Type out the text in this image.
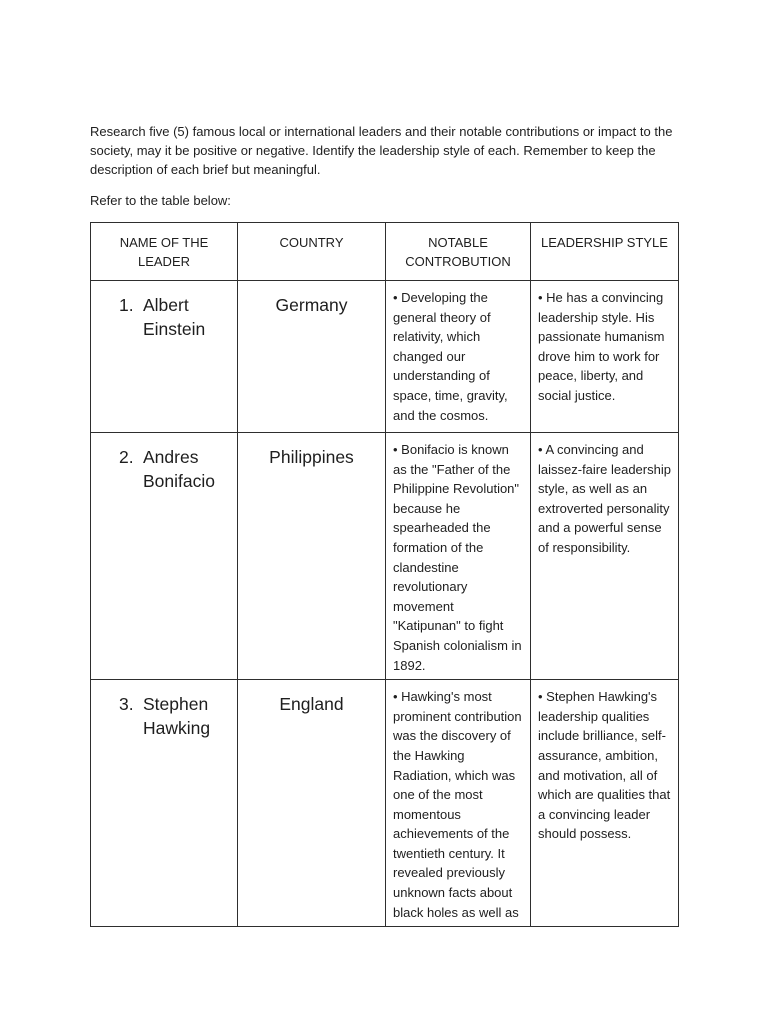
Research five (5) famous local or international leaders and their notable contributions or impact to the society, may it be positive or negative. Identify the leadership style of each. Remember to keep the description of each brief but meaningful.

Refer to the table below:

NAME OF THE LEADER	COUNTRY	NOTABLE CONTROBUTION	LEADERSHIP STYLE

1. Albert Einstein	Germany	• Developing the general theory of relativity, which changed our understanding of space, time, gravity, and the cosmos.	• He has a convincing leadership style. His passionate humanism drove him to work for peace, liberty, and social justice.

2. Andres Bonifacio	Philippines	• Bonifacio is known as the "Father of the Philippine Revolution" because he spearheaded the formation of the clandestine revolutionary movement "Katipunan" to fight Spanish colonialism in 1892.	• A convincing and laissez-faire leadership style, as well as an extroverted personality and a powerful sense of responsibility.

3. Stephen Hawking	England	• Hawking's most prominent contribution was the discovery of the Hawking Radiation, which was one of the most momentous achievements of the twentieth century. It revealed previously unknown facts about black holes as well as	• Stephen Hawking's leadership qualities include brilliance, self-assurance, ambition, and motivation, all of which are qualities that a convincing leader should possess.
